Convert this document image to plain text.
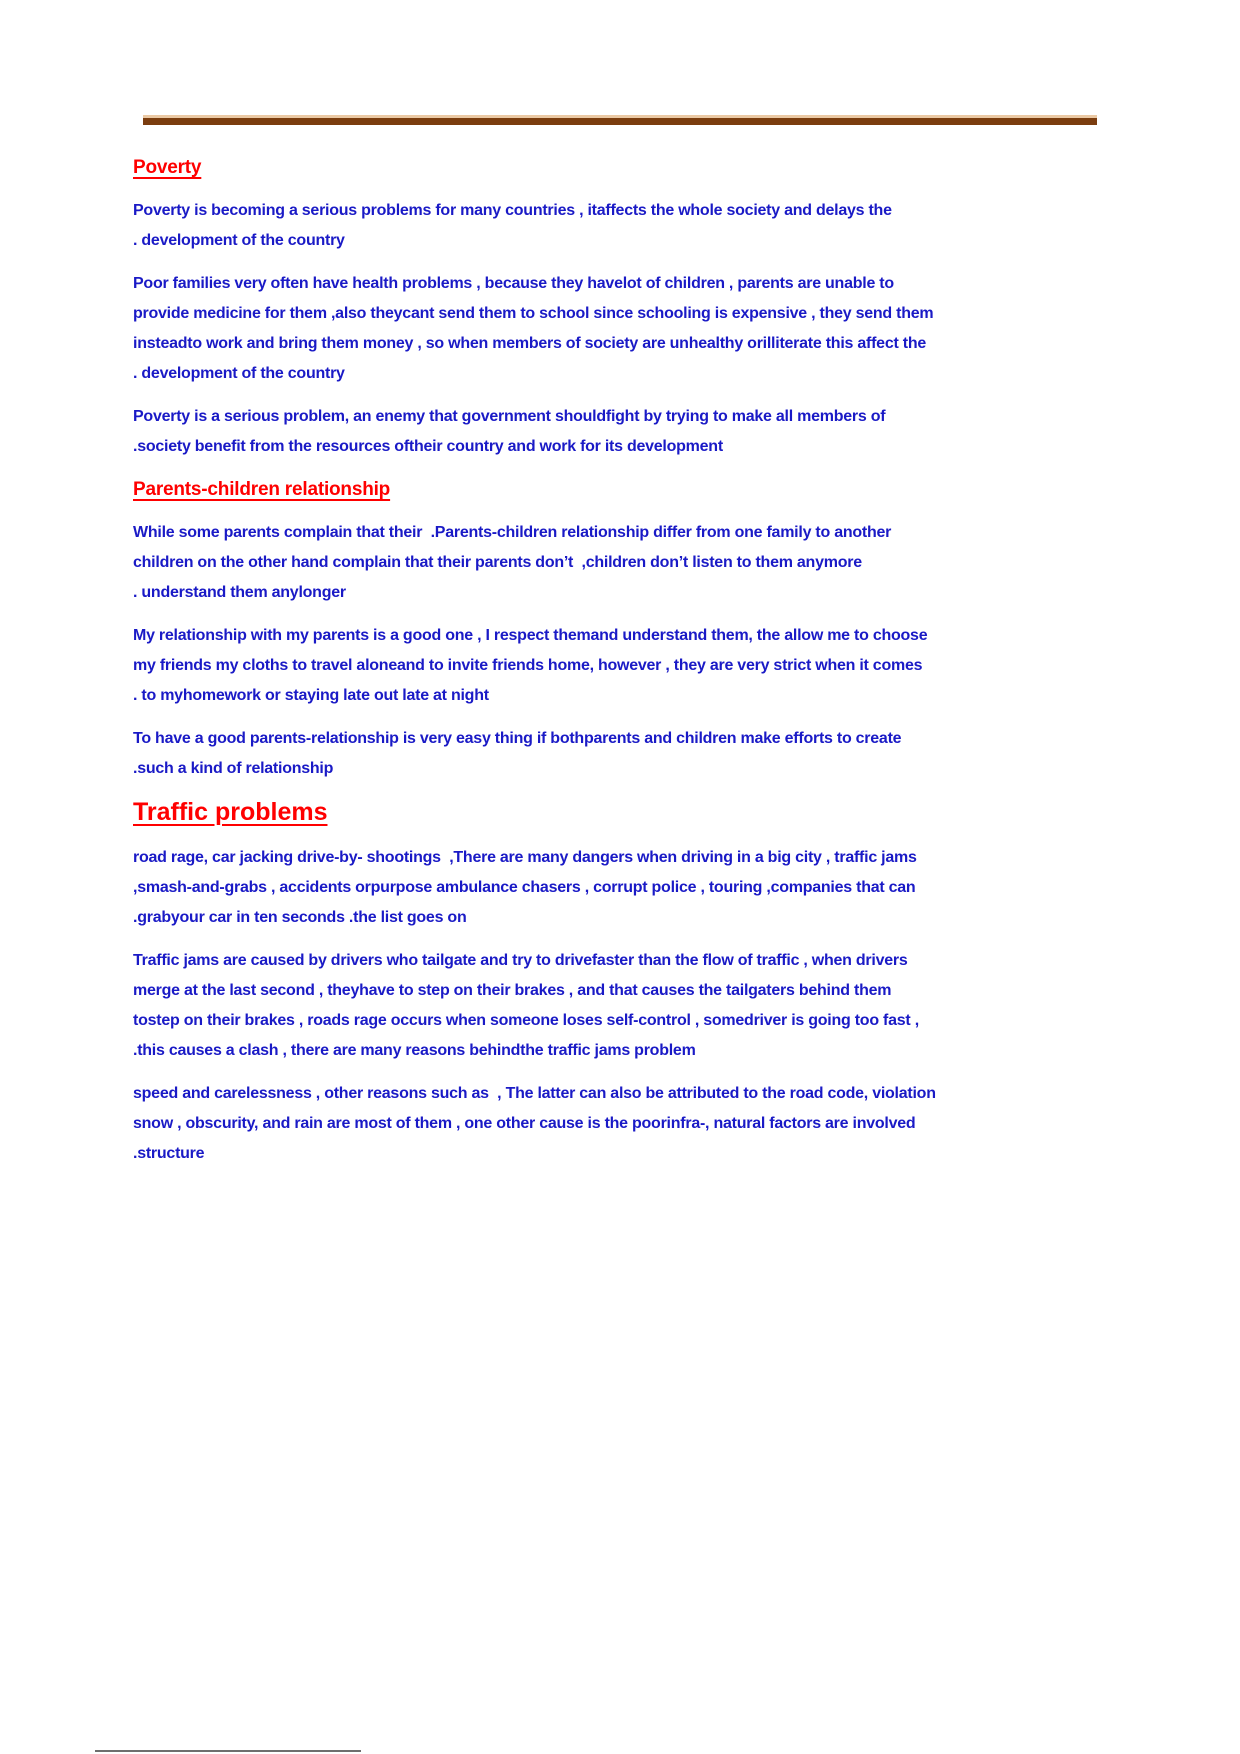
Poverty
Poverty is becoming a serious problems for many countries , itaffects the whole society and delays the
. development of the country
Poor families very often have health problems , because they havelot of children , parents are unable to
provide medicine for them ,also theycant send them to school since schooling is expensive , they send them
insteadto work and bring them money , so when members of society are unhealthy orilliterate this affect the
. development of the country
Poverty is a serious problem, an enemy that government shouldfight by trying to make all members of
.society benefit from the resources oftheir country and work for its development
Parents-children relationship
While some parents complain that their  .Parents-children relationship differ from one family to another
children on the other hand complain that their parents don’t  ,children don’t listen to them anymore
. understand them anylonger
My relationship with my parents is a good one , I respect themand understand them, the allow me to choose
my friends my cloths to travel aloneand to invite friends home, however , they are very strict when it comes
. to myhomework or staying late out late at night
To have a good parents-relationship is very easy thing if bothparents and children make efforts to create
.such a kind of relationship
Traffic problems
road rage, car jacking drive-by- shootings  ,There are many dangers when driving in a big city , traffic jams
,smash-and-grabs , accidents orpurpose ambulance chasers , corrupt police , touring ,companies that can
.grabyour car in ten seconds .the list goes on
Traffic jams are caused by drivers who tailgate and try to drivefaster than the flow of traffic , when drivers
merge at the last second , theyhave to step on their brakes , and that causes the tailgaters behind them
tostep on their brakes , roads rage occurs when someone loses self-control , somedriver is going too fast ,
.this causes a clash , there are many reasons behindthe traffic jams problem
speed and carelessness , other reasons such as  , The latter can also be attributed to the road code, violation
snow , obscurity, and rain are most of them , one other cause is the poorinfra-, natural factors are involved
.structure
